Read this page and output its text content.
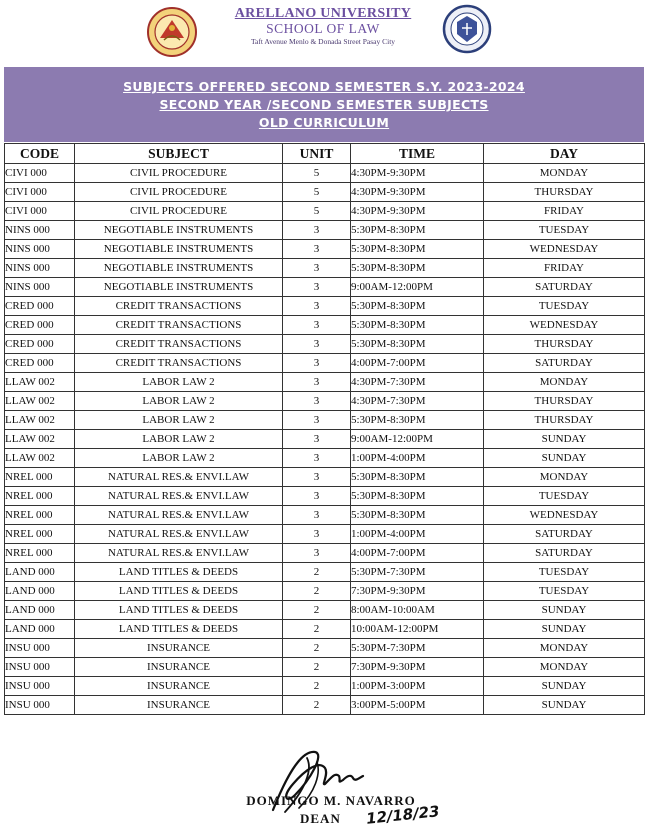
ARELLANO UNIVERSITY
SCHOOL OF LAW
Taft Avenue Menlo & Donada Street Pasay City
SUBJECTS OFFERED SECOND SEMESTER S.Y. 2023-2024
SECOND YEAR /SECOND SEMESTER SUBJECTS
OLD CURRICULUM
CODE	SUBJECT	UNIT	TIME	DAY
CIVI 000	CIVIL PROCEDURE	5	4:30PM-9:30PM	MONDAY
CIVI 000	CIVIL PROCEDURE	5	4:30PM-9:30PM	THURSDAY
CIVI 000	CIVIL PROCEDURE	5	4:30PM-9:30PM	FRIDAY
NINS 000	NEGOTIABLE INSTRUMENTS	3	5:30PM-8:30PM	TUESDAY
NINS 000	NEGOTIABLE INSTRUMENTS	3	5:30PM-8:30PM	WEDNESDAY
NINS 000	NEGOTIABLE INSTRUMENTS	3	5:30PM-8:30PM	FRIDAY
NINS 000	NEGOTIABLE INSTRUMENTS	3	9:00AM-12:00PM	SATURDAY
CRED 000	CREDIT TRANSACTIONS	3	5:30PM-8:30PM	TUESDAY
CRED 000	CREDIT TRANSACTIONS	3	5:30PM-8:30PM	WEDNESDAY
CRED 000	CREDIT TRANSACTIONS	3	5:30PM-8:30PM	THURSDAY
CRED 000	CREDIT TRANSACTIONS	3	4:00PM-7:00PM	SATURDAY
LLAW 002	LABOR LAW 2	3	4:30PM-7:30PM	MONDAY
LLAW 002	LABOR LAW 2	3	4:30PM-7:30PM	THURSDAY
LLAW 002	LABOR LAW 2	3	5:30PM-8:30PM	THURSDAY
LLAW 002	LABOR LAW 2	3	9:00AM-12:00PM	SUNDAY
LLAW 002	LABOR LAW 2	3	1:00PM-4:00PM	SUNDAY
NREL 000	NATURAL RES.& ENVI.LAW	3	5:30PM-8:30PM	MONDAY
NREL 000	NATURAL RES.& ENVI.LAW	3	5:30PM-8:30PM	TUESDAY
NREL 000	NATURAL RES.& ENVI.LAW	3	5:30PM-8:30PM	WEDNESDAY
NREL 000	NATURAL RES.& ENVI.LAW	3	1:00PM-4:00PM	SATURDAY
NREL 000	NATURAL RES.& ENVI.LAW	3	4:00PM-7:00PM	SATURDAY
LAND 000	LAND TITLES & DEEDS	2	5:30PM-7:30PM	TUESDAY
LAND 000	LAND TITLES & DEEDS	2	7:30PM-9:30PM	TUESDAY
LAND 000	LAND TITLES & DEEDS	2	8:00AM-10:00AM	SUNDAY
LAND 000	LAND TITLES & DEEDS	2	10:00AM-12:00PM	SUNDAY
INSU 000	INSURANCE	2	5:30PM-7:30PM	MONDAY
INSU 000	INSURANCE	2	7:30PM-9:30PM	MONDAY
INSU 000	INSURANCE	2	1:00PM-3:00PM	SUNDAY
INSU 000	INSURANCE	2	3:00PM-5:00PM	SUNDAY
DOMINGO M. NAVARRO
DEAN 12/18/23
